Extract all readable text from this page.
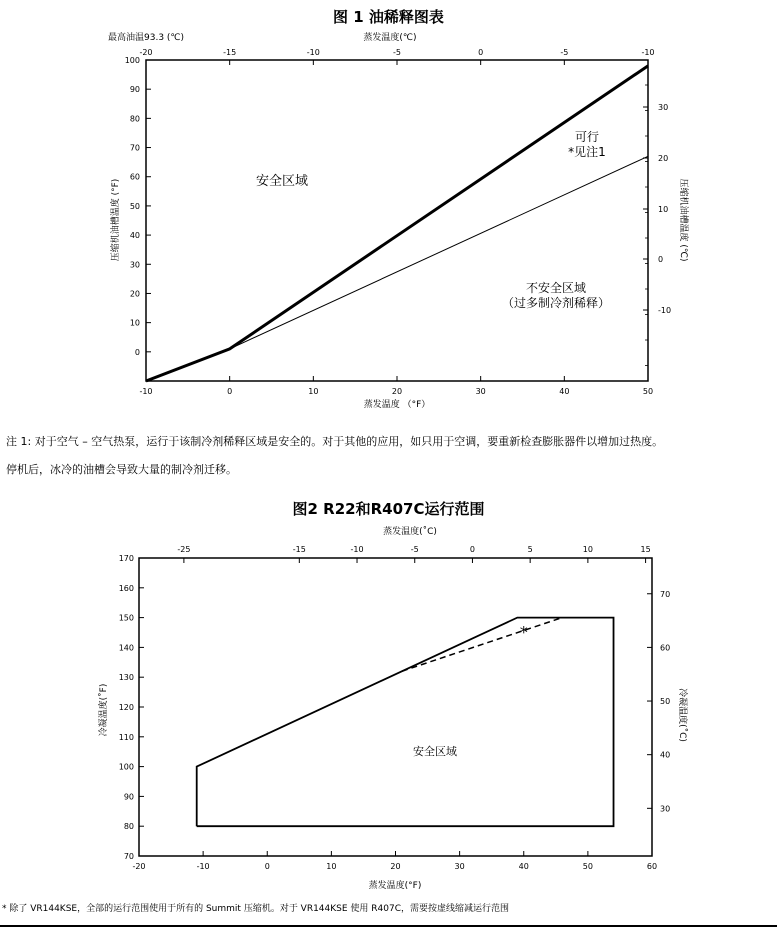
图 1 油稀释图表
最高油温93.3 (℃)	蒸发温度(℃)
-10	0	10	20	30	40	50
0
10
20
30
40
50
60
70
80
90
100
-20	-15	-10	-5	0	-5	-10
-10
0
10
20
30
蒸发温度 （°F）
压缩机油槽温度 (°F)	压缩机油槽温度 (℃)
安全区域
可行
*见注1
不安全区域
（过多制冷剂稀释）
注 1: 对于空气 – 空气热泵，运行于该制冷剂稀释区域是安全的。对于其他的应用，如只用于空调，要重新检查膨胀器件以增加过热度。
停机后，冰冷的油槽会导致大量的制冷剂迁移。
图2 R22和R407C运行范围
蒸发温度(˚C)
-20	-10	0	10	20	30	40	50	60
70
80
90
100
110
120
130
140
150
160
170
-25	-15	-10	-5	0	5	10	15
30
40
50
60
70
蒸发温度(°F)
冷凝温度(˚F)	冷凝温度(˚C)
安全区域
*
* 除了 VR144KSE，全部的运行范围使用于所有的 Summit 压缩机。对于 VR144KSE 使用 R407C，需要按虚线缩减运行范围
